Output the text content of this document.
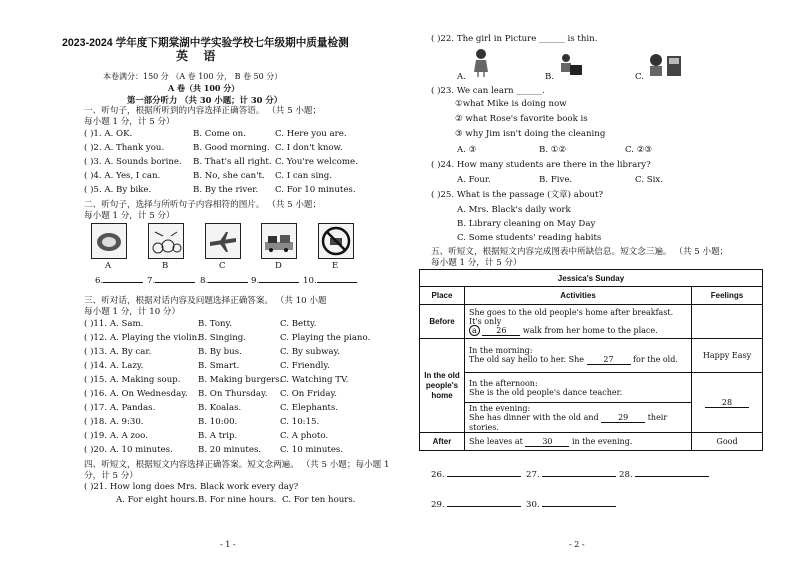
2023-2024 学年度下期棠湖中学实验学校七年级期中质量检测
英 语
本卷满分：150 分 （A 卷 100 分， B 卷 50 分）
A 卷（共 100 分）
第一部分听力 （共 30 小题；计 30 分）
一、听句子，根据所听到的内容选择正确答语。 （共 5 小题；
每小题 1 分，计 5 分）
( )1. A. OK.	B. Come on.	C. Here you are.
( )2. A. Thank you.	B. Good morning. C. I don't know.
( )3. A. Sounds borine. B. That's all right. C. You're welcome.
( )4. A. Yes, I can.	B. No, she can't. C. I can sing.
( )5. A. By bike.	B. By the river. C. For 10 minutes.
二、听句子，选择与所听句子内容相符的图片。 （共 5 小题；
每小题 1 分，计 5 分）
A	B	C	D	E
6.	7.	8.	9.	10.
三、听对话，根据对话内容及问题选择正确答案。 （共 10 小题
每小题 1 分，计 10 分）
( )11. A. Sam.	B. Tony.	C. Betty.
( )12. A. Playing the violin.
B. Singing.	C. Playing the piano.
( )13. A. By car.	B. By bus.	C. By subway.
( )14. A. Lazy.	B. Smart.	C. Friendly.
( )15. A. Making soup. B. Making burgers.
C. Watching TV.
( )16. A. On Wednesday. B. On Thursday. C. On Friday.
( )17. A. Pandas.	B. Koalas.	C. Elephants.
( )18. A. 9:30.	B. 10:00.	C. 10:15.
( )19. A. A zoo.	B. A trip.	C. A photo.
( )20. A. 10 minutes.	B. 20 minutes. C. 10 minutes.
四、听短文，根据短文内容选择正确答案。短文念两遍。 （共 5 小题；每小题 1
分，计 5 分）
( )21. How long does Mrs. Black work every day?
A. For eight hours. B. For nine hours. C. For ten hours.
- 1 -
( )22. The girl in Picture ______ is thin.
A.	B.	C.
( )23. We can learn ______.
①what Mike is doing now
② what Rose's favorite book is
③ why Jim isn't doing the cleaning
A. ③	B. ①②	C. ②③
( )24. How many students are there in the library?
A. Four.	B. Five.	C. Six.
( )25. What is the passage (文章) about?
A. Mrs. Black's daily work
B. Library cleaning on May Day
C. Some students' reading habits
五、听短文，根据短文内容完成图表中所缺信息。短文念三遍。 （共 5 小题；
每小题 1 分，计 5 分）
Jessica's Sunday		
Place	Activities	Feelings
Before	She goes to the old people's home after breakfast. It's only
a 26 walk from her home to the place.	

In the old people's home	In the morning:
The old say hello to her. She 27 for the old.	Happy Easy

	In the afternoon:
She is the old people's dance teacher.	28

	In the evening:
She has dinner with the old and 29 their stories.	

After	She leaves at 30 in the evening.	Good
26.	27.	28.
29.	30.
- 2 -
